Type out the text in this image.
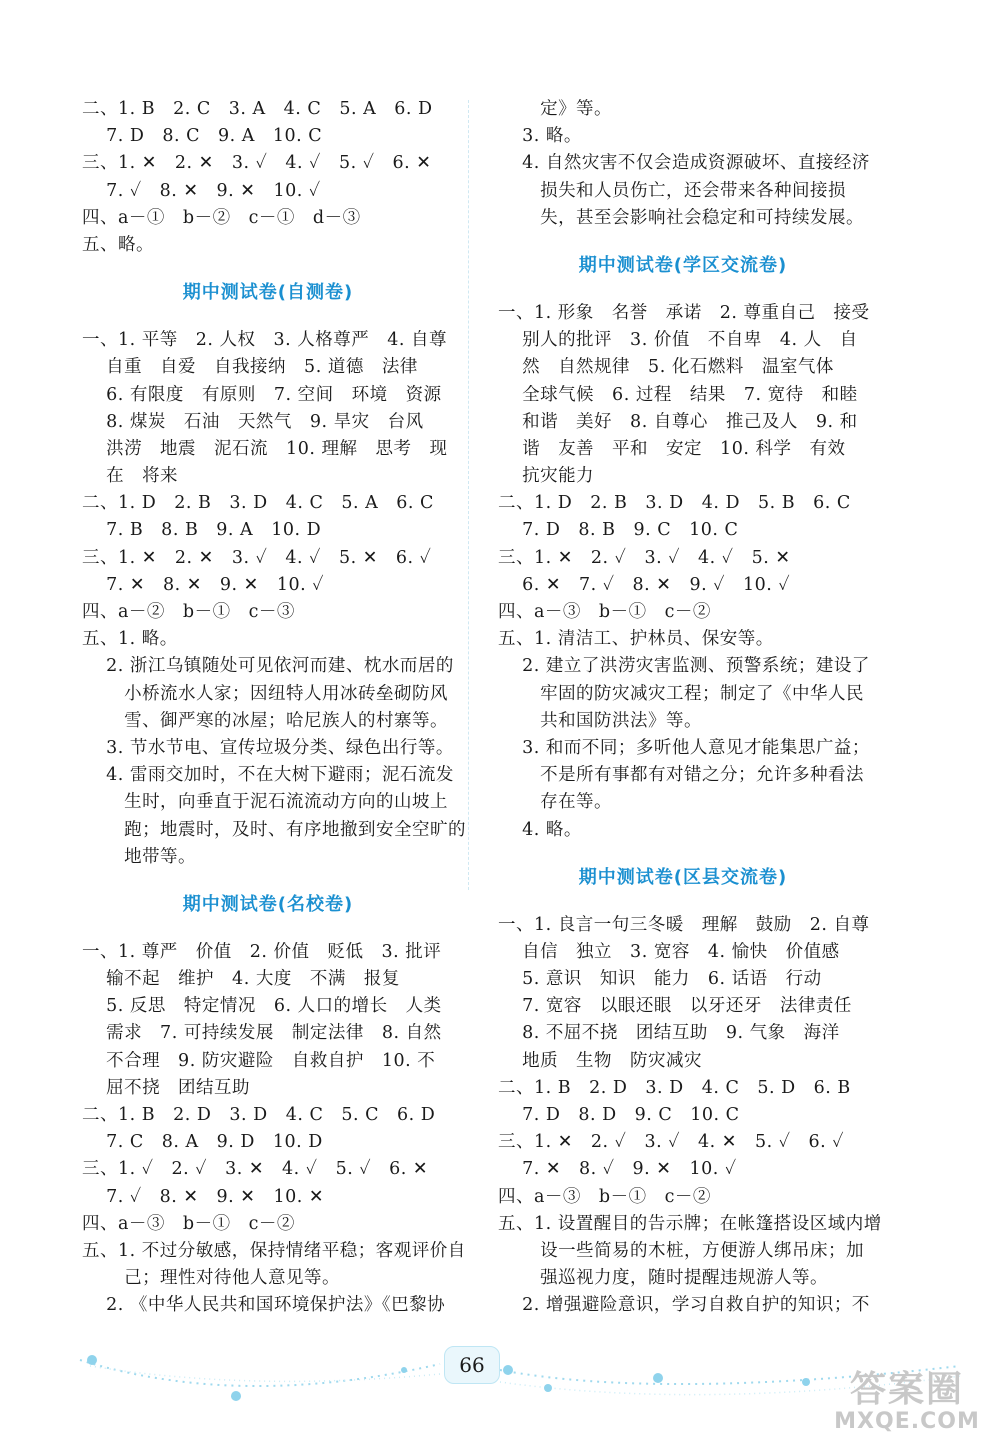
二、1. B　2. C　3. A　4. C　5. A　6. D
　 7. D　8. C　9. A　10. C
三、1. ✕　2. ✕　3. ✓　4. ✓　5. ✓　6. ✕
　 7. ✓　8. ✕　9. ✕　10. ✓
四、a－①　b－②　c－①　d－③
五、略。
期中测试卷(自测卷)
一、1. 平等　2. 人权　3. 人格尊严　4. 自尊
　 自重　自爱　自我接纳　5. 道德　法律
　 6. 有限度　有原则　7. 空间　环境　资源
　 8. 煤炭　石油　天然气　9. 旱灾　台风
　 洪涝　地震　泥石流　10. 理解　思考　现
　 在　将来
二、1. D　2. B　3. D　4. C　5. A　6. C
　 7. B　8. B　9. A　10. D
三、1. ✕　2. ✕　3. ✓　4. ✓　5. ✕　6. ✓
　 7. ✕　8. ✕　9. ✕　10. ✓
四、a－②　b－①　c－③
五、1. 略。
　 2. 浙江乌镇随处可见依河而建、枕水而居的
　 　小桥流水人家；因纽特人用冰砖垒砌防风
　 　雪、御严寒的冰屋；哈尼族人的村寨等。
　 3. 节水节电、宣传垃圾分类、绿色出行等。
　 4. 雷雨交加时，不在大树下避雨；泥石流发
　 　生时，向垂直于泥石流流动方向的山坡上
　 　跑；地震时，及时、有序地撤到安全空旷的
　 　地带等。
期中测试卷(名校卷)
一、1. 尊严　价值　2. 价值　贬低　3. 批评
　 输不起　维护　4. 大度　不满　报复
　 5. 反思　特定情况　6. 人口的增长　人类
　 需求　7. 可持续发展　制定法律　8. 自然
　 不合理　9. 防灾避险　自救自护　10. 不
　 屈不挠　团结互助
二、1. B　2. D　3. D　4. C　5. C　6. D
　 7. C　8. A　9. D　10. D
三、1. ✓　2. ✓　3. ✕　4. ✓　5. ✓　6. ✕
　 7. ✓　8. ✕　9. ✕　10. ✕
四、a－③　b－①　c－②
五、1. 不过分敏感，保持情绪平稳；客观评价自
　 　己；理性对待他人意见等。
　 2. 《中华人民共和国环境保护法》《巴黎协
　 　定》等。
　 3. 略。
　 4. 自然灾害不仅会造成资源破坏、直接经济
　 　损失和人员伤亡，还会带来各种间接损
　 　失，甚至会影响社会稳定和可持续发展。
期中测试卷(学区交流卷)
一、1. 形象　名誉　承诺　2. 尊重自己　接受
　 别人的批评　3. 价值　不自卑　4. 人　自
　 然　自然规律　5. 化石燃料　温室气体
　 全球气候　6. 过程　结果　7. 宽待　和睦
　 和谐　美好　8. 自尊心　推己及人　9. 和
　 谐　友善　平和　安定　10. 科学　有效
　 抗灾能力
二、1. D　2. B　3. D　4. D　5. B　6. C
　 7. D　8. B　9. C　10. C
三、1. ✕　2. ✓　3. ✓　4. ✓　5. ✕
　 6. ✕　7. ✓　8. ✕　9. ✓　10. ✓
四、a－③　b－①　c－②
五、1. 清洁工、护林员、保安等。
　 2. 建立了洪涝灾害监测、预警系统；建设了
　 　牢固的防灾减灾工程；制定了《中华人民
　 　共和国防洪法》等。
　 3. 和而不同；多听他人意见才能集思广益；
　 　不是所有事都有对错之分；允许多种看法
　 　存在等。
　 4. 略。
期中测试卷(区县交流卷)
一、1. 良言一句三冬暖　理解　鼓励　2. 自尊
　 自信　独立　3. 宽容　4. 愉快　价值感
　 5. 意识　知识　能力　6. 话语　行动
　 7. 宽容　以眼还眼　以牙还牙　法律责任
　 8. 不屈不挠　团结互助　9. 气象　海洋
　 地质　生物　防灾减灾
二、1. B　2. D　3. D　4. C　5. D　6. B
　 7. D　8. D　9. C　10. C
三、1. ✕　2. ✓　3. ✓　4. ✕　5. ✓　6. ✓
　 7. ✕　8. ✓　9. ✕　10. ✓
四、a－③　b－①　c－②
五、1. 设置醒目的告示牌；在帐篷搭设区域内增
　 　设一些简易的木桩，方便游人绑吊床；加
　 　强巡视力度，随时提醒违规游人等。
　 2. 增强避险意识，学习自救自护的知识；不
66
答案圈
MXQE.COM
